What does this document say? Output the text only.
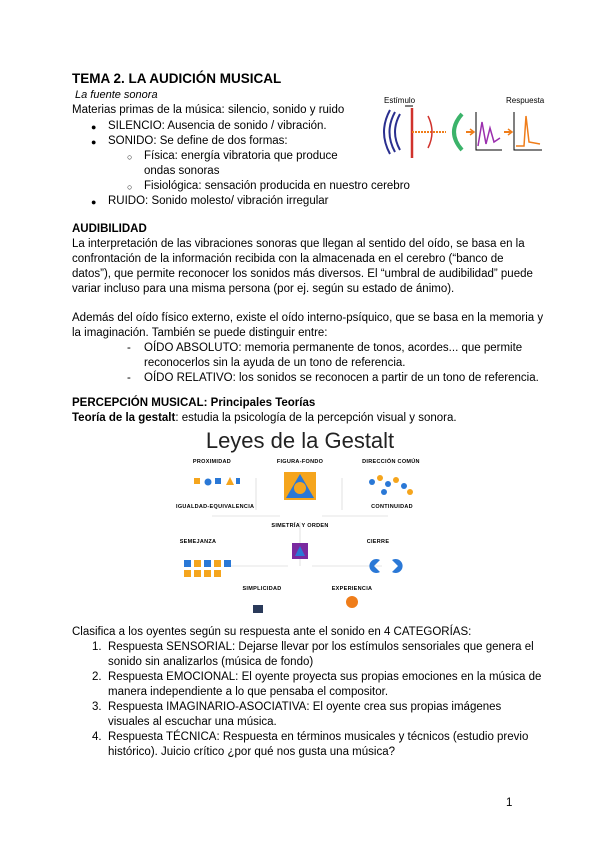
TEMA 2. LA AUDICIÓN MUSICAL
La fuente sonora
Materias primas de la música: silencio, sonido y ruido
● SILENCIO: Ausencia de sonido / vibración.
● SONIDO: Se define de dos formas:
○ Física: energía vibratoria que produce
ondas sonoras
○ Fisiológica: sensación producida en nuestro cerebro
● RUIDO: Sonido molesto/ vibración irregular
Estímulo	Respuesta
AUDIBILIDAD
La interpretación de las vibraciones sonoras que llegan al sentido del oído, se basa en la
confrontación de la información recibida con la almacenada en el cerebro (“banco de
datos”), que permite reconocer los sonidos más diversos. El “umbral de audibilidad” puede
variar incluso para una misma persona (por ej. según su estado de ánimo).
Además del oído físico externo, existe el oído interno-psíquico, que se basa en la memoria y
la imaginación. También se puede distinguir entre:
- OÍDO ABSOLUTO: memoria permanente de tonos, acordes... que permite
reconocerlos sin la ayuda de un tono de referencia.
- OÍDO RELATIVO: los sonidos se reconocen a partir de un tono de referencia.
PERCEPCIÓN MUSICAL: Principales Teorías
Teoría de la gestalt: estudia la psicología de la percepción visual y sonora.
Leyes de la Gestalt
PROXIMIDAD	FIGURA-FONDO	DIRECCIÓN COMÚN
IGUALDAD-EQUIVALENCIA	CONTINUIDAD
SIMETRÍA Y ORDEN
SEMEJANZA	CIERRE
SIMPLICIDAD	EXPERIENCIA
Clasifica a los oyentes según su respuesta ante el sonido en 4 CATEGORÍAS:
1. Respuesta SENSORIAL: Dejarse llevar por los estímulos sensoriales que genera el
sonido sin analizarlos (música de fondo)
2. Respuesta EMOCIONAL: El oyente proyecta sus propias emociones en la música de
manera independiente a lo que pensaba el compositor.
3. Respuesta IMAGINARIO-ASOCIATIVA: El oyente crea sus propias imágenes
visuales al escuchar una música.
4. Respuesta TÉCNICA: Respuesta en términos musicales y técnicos (estudio previo
histórico). Juicio crítico ¿por qué nos gusta una música?
1
